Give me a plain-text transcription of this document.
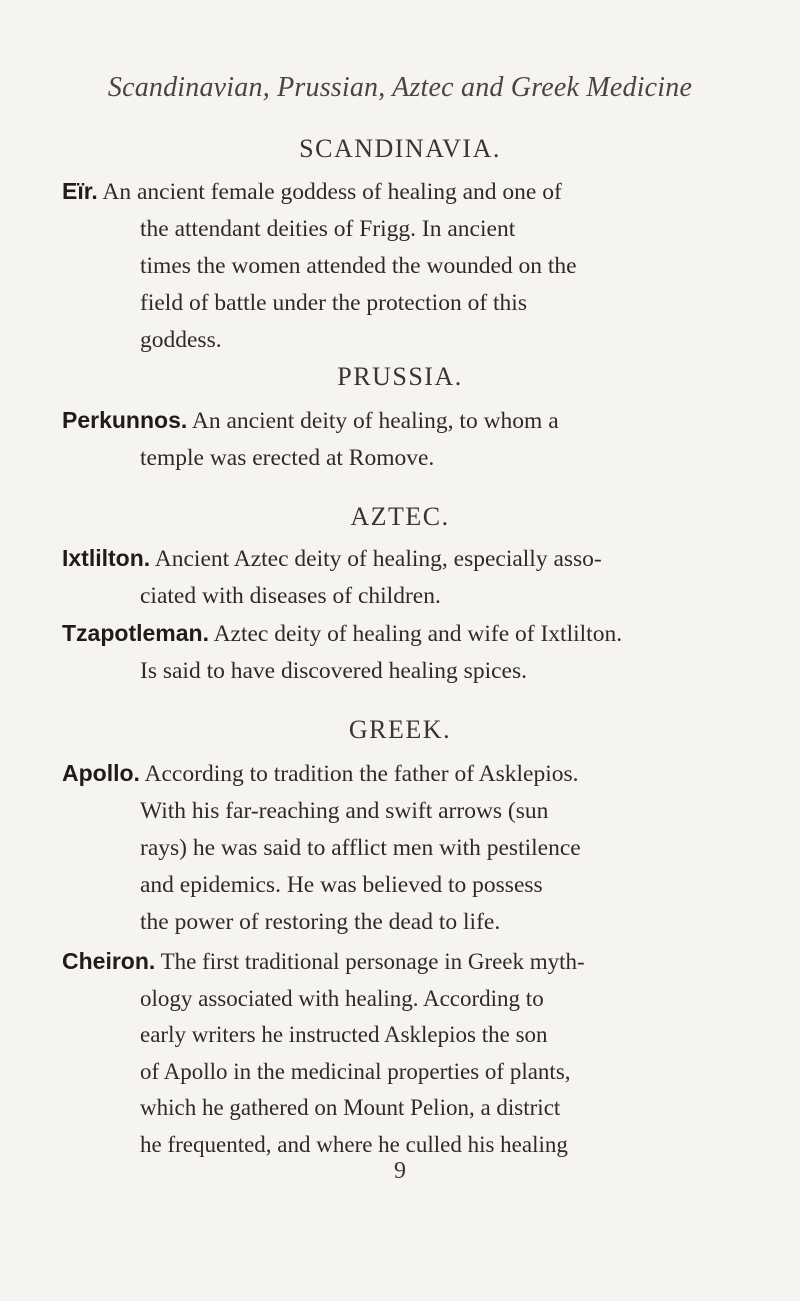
Scandinavian, Prussian, Aztec and Greek Medicine
SCANDINAVIA.
Eïr. An ancient female goddess of healing and one of
the attendant deities of Frigg. In ancient
times the women attended the wounded on the
field of battle under the protection of this
goddess.
PRUSSIA.
Perkunnos. An ancient deity of healing, to whom a
temple was erected at Romove.
AZTEC.
Ixtlilton. Ancient Aztec deity of healing, especially asso-
ciated with diseases of children.
Tzapotleman. Aztec deity of healing and wife of Ixtlilton.
Is said to have discovered healing spices.
GREEK.
Apollo. According to tradition the father of Asklepios.
With his far-reaching and swift arrows (sun
rays) he was said to afflict men with pestilence
and epidemics. He was believed to possess
the power of restoring the dead to life.
Cheiron. The first traditional personage in Greek myth-
ology associated with healing. According to
early writers he instructed Asklepios the son
of Apollo in the medicinal properties of plants,
which he gathered on Mount Pelion, a district
he frequented, and where he culled his healing
9
